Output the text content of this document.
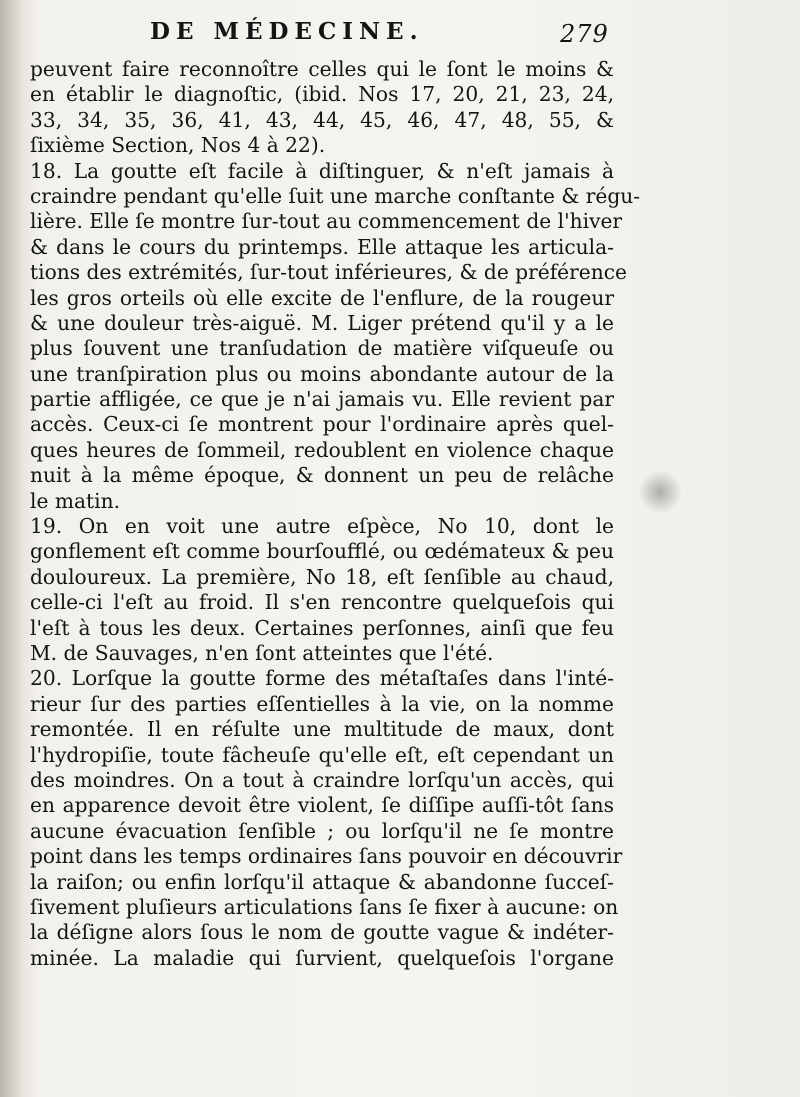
DE MÉDECINE.	279
peuvent faire reconnoître celles qui le ſont le moins &
en établir le diagnoſtic, (ibid. Nos 17, 20, 21, 23, 24,
33, 34, 35, 36, 41, 43, 44, 45, 46, 47, 48, 55, &
ſixième Section, Nos 4 à 22).
18. La goutte eſt facile à diſtinguer, & n'eſt jamais à
craindre pendant qu'elle ſuit une marche conſtante & régu-
lière. Elle ſe montre ſur-tout au commencement de l'hiver
& dans le cours du printemps. Elle attaque les articula-
tions des extrémités, ſur-tout inférieures, & de préférence
les gros orteils où elle excite de l'enflure, de la rougeur
& une douleur très-aiguë. M. Liger prétend qu'il y a le
plus ſouvent une tranſudation de matière viſqueuſe ou
une tranſpiration plus ou moins abondante autour de la
partie affligée, ce que je n'ai jamais vu. Elle revient par
accès. Ceux-ci ſe montrent pour l'ordinaire après quel-
ques heures de ſommeil, redoublent en violence chaque
nuit à la même époque, & donnent un peu de relâche
le matin.
19. On en voit une autre eſpèce, No 10, dont le
gonflement eſt comme bourſoufflé, ou œdémateux & peu
douloureux. La première, No 18, eſt ſenſible au chaud,
celle-ci l'eſt au froid. Il s'en rencontre quelqueſois qui
l'eſt à tous les deux. Certaines perſonnes, ainſi que feu
M. de Sauvages, n'en ſont atteintes que l'été.
20. Lorſque la goutte forme des métaſtaſes dans l'inté-
rieur ſur des parties eſſentielles à la vie, on la nomme
remontée. Il en réſulte une multitude de maux, dont
l'hydropiſie, toute fâcheuſe qu'elle eſt, eſt cependant un
des moindres. On a tout à craindre lorſqu'un accès, qui
en apparence devoit être violent, ſe diſſipe auſſi-tôt ſans
aucune évacuation ſenſible ; ou lorſqu'il ne ſe montre
point dans les temps ordinaires ſans pouvoir en découvrir
la raiſon; ou enfin lorſqu'il attaque & abandonne ſucceſ-
ſivement pluſieurs articulations ſans ſe fixer à aucune: on
la déſigne alors ſous le nom de goutte vague & indéter-
minée. La maladie qui ſurvient, quelqueſois l'organe
